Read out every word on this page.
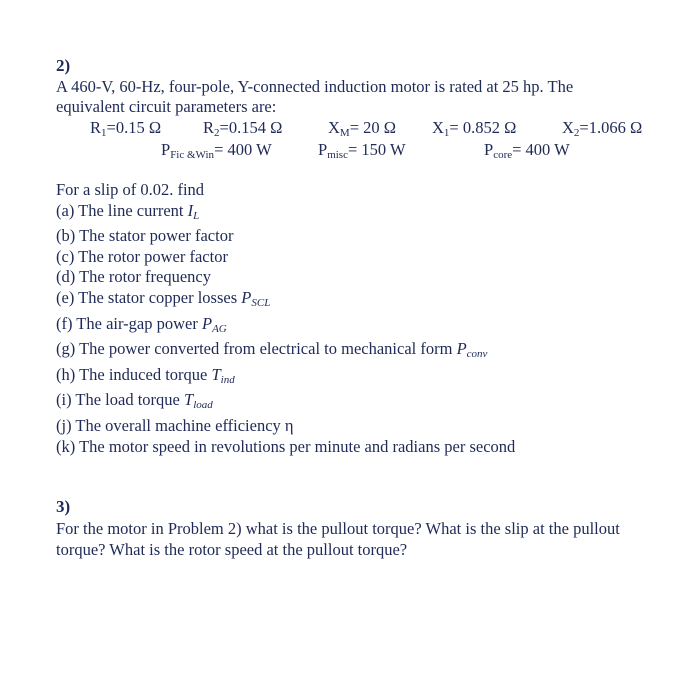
2)
A 460-V, 60-Hz, four-pole, Y-connected induction motor is rated at 25 hp. The
equivalent circuit parameters are:
$R_1=0.15$ Ω	$R_2=0.154$ Ω	$X_M= 20$ Ω $X_1= 0.852$ Ω	$X_2=1.066$ Ω
$P_{Fic \&Win}= 400$ W	$P_{misc}= 150$ W	$P_{core}= 400$ W
For a slip of 0.02. find
(a) The line current IL
(b) The stator power factor
(c) The rotor power factor
(d) The rotor frequency
(e) The stator copper losses PSCL
(f) The air-gap power PAG
(g) The power converted from electrical to mechanical form Pconv
(h) The induced torque Tind
(i) The load torque Tload
(j) The overall machine efficiency η
(k) The motor speed in revolutions per minute and radians per second
3)
For the motor in Problem 2) what is the pullout torque? What is the slip at the pullout
torque? What is the rotor speed at the pullout torque?
